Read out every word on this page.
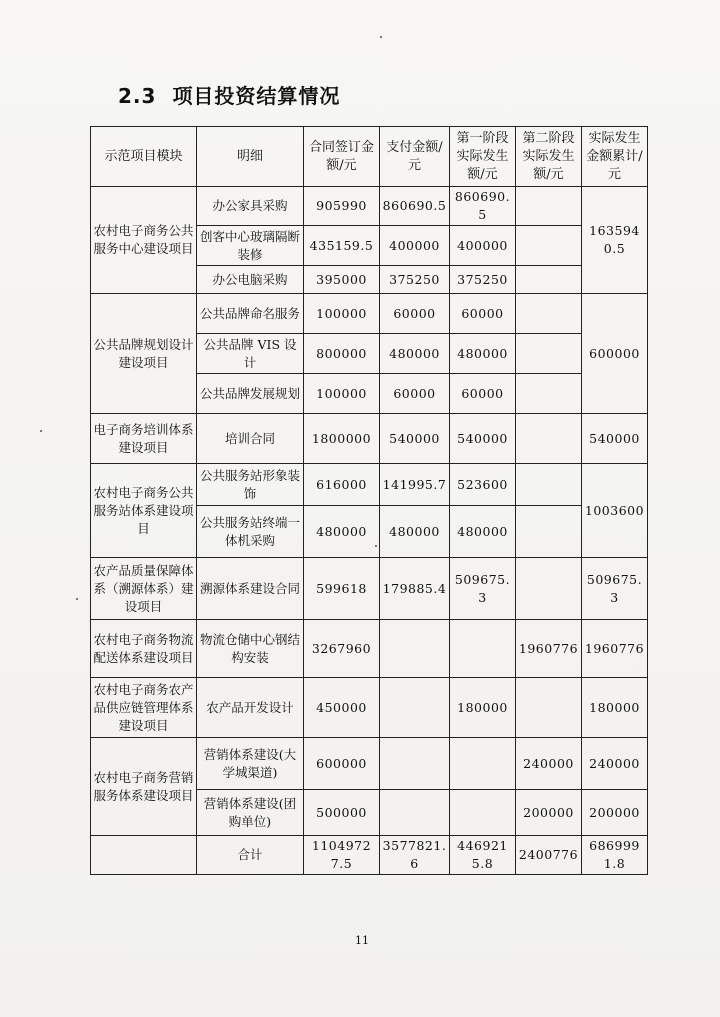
2.3 项目投资结算情况
示范项目模块	明细	合同签订金额/元	支付金额/元	第一阶段实际发生额/元	第二阶段实际发生额/元	实际发生金额累计/元
农村电子商务公共服务中心建设项目	办公家具采购	905990	860690.5	860690.5		1635940.5
	创客中心玻璃隔断装修	435159.5	400000	400000		
	办公电脑采购	395000	375250	375250		
公共品牌规划设计建设项目	公共品牌命名服务	100000	60000	60000		600000
	公共品牌 VIS 设计	800000	480000	480000		
	公共品牌发展规划	100000	60000	60000		
电子商务培训体系建设项目	培训合同	1800000	540000	540000		540000
农村电子商务公共服务站体系建设项目	公共服务站形象装饰	616000	141995.7	523600		1003600
	公共服务站终端一体机采购	480000	480000	480000		
农产品质量保障体系（溯源体系）建设项目	溯源体系建设合同	599618	179885.4	509675.3		509675.3
农村电子商务物流配送体系建设项目	物流仓储中心钢结构安装	3267960			1960776	1960776
农村电子商务农产品供应链管理体系建设项目	农产品开发设计	450000		180000		180000
农村电子商务营销服务体系建设项目	营销体系建设(大学城渠道)	600000			240000	240000
	营销体系建设(团购单位)	500000			200000	200000
	合计	11049727.5	3577821.6	4469215.8	2400776	6869991.8
11
